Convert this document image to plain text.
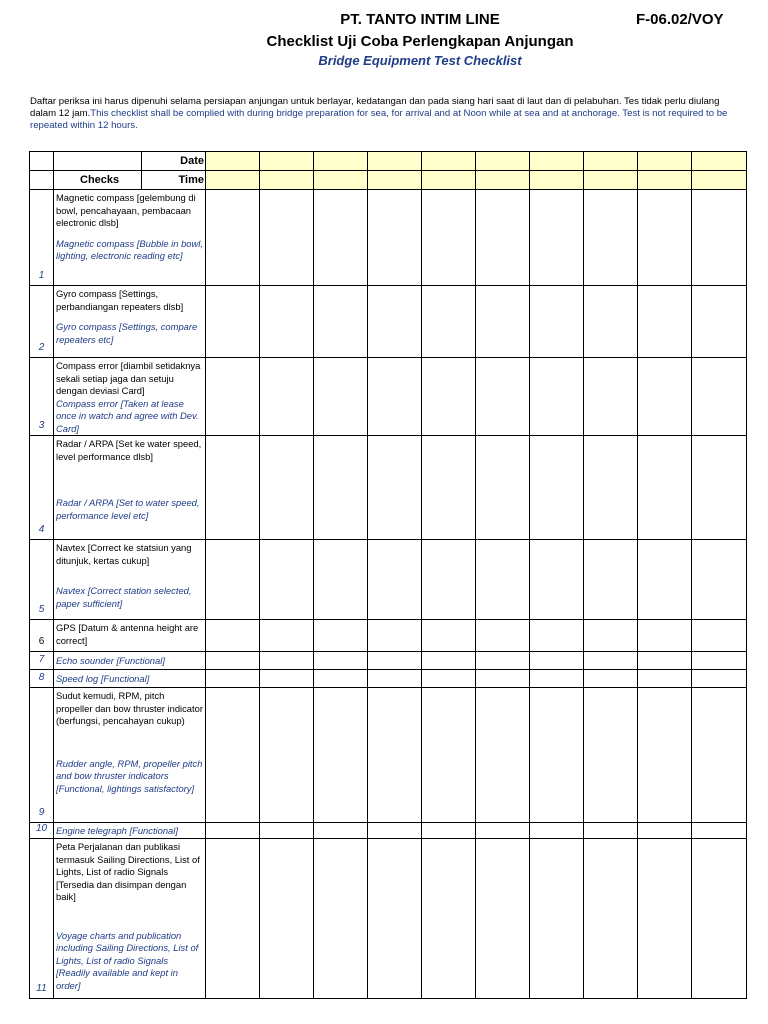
PT. TANTO INTIM LINE	F-06.02/VOY
Checklist Uji Coba Perlengkapan Anjungan
Bridge Equipment Test Checklist
Daftar periksa ini harus dipenuhi selama persiapan anjungan untuk berlayar, kedatangan dan pada siang hari saat di laut dan di pelabuhan. Tes tidak perlu diulang dalam 12 jam.This checklist shall be complied with during bridge preparation for sea, for arrival and at Noon while at sea and at anchorage. Test is not required to be repeated within 12 hours.
		Date										
	Checks	Time										
1	Magnetic compass [gelembung di bowl, pencahayaan, pembacaan electronic dlsb]
Magnetic compass [Bubble in bowl, lighting, electronic reading etc]											

2	Gyro compass [Settings, perbandiangan repeaters dlsb]
Gyro compass [Settings, compare repeaters etc]											

3	Compass error [diambil setidaknya sekali setiap jaga dan setuju dengan deviasi Card]
Compass error [Taken at lease once in watch and agree with Dev. Card]											

4	Radar / ARPA [Set ke water speed, level performance dlsb]
Radar / ARPA [Set to water speed, performance level etc]											

5	Navtex [Correct ke statsiun yang ditunjuk, kertas cukup]
Navtex [Correct station selected, paper sufficient]											

6	GPS [Datum & antenna height are correct]											

7	Echo sounder [Functional]											

8	Speed log [Functional]											

9	Sudut kemudi, RPM, pitch propeller dan bow thruster indicator (berfungsi, pencahayan cukup)
Rudder angle, RPM, propeller pitch and bow thruster indicators [Functional, lightings satisfactory]											

10	Engine telegraph [Functional]											

11	Peta Perjalanan dan publikasi termasuk Sailing Directions, List of Lights, List of radio Signals [Tersedia dan disimpan dengan baik]
Voyage charts and publication including Sailing Directions, List of Lights, List of radio Signals [Readily available and kept in order]											
